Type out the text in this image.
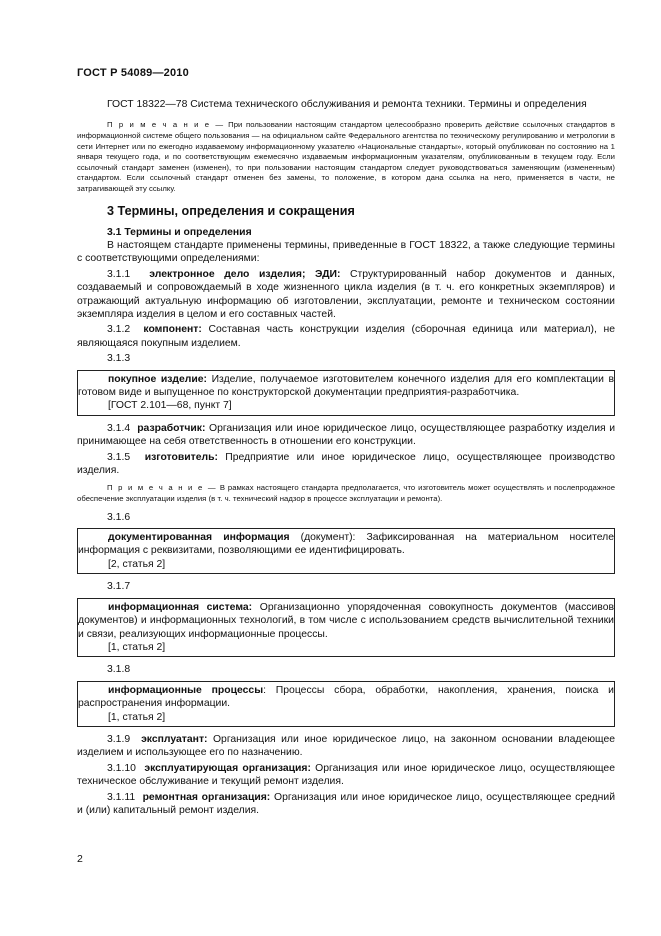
ГОСТ Р 54089—2010

ГОСТ 18322—78 Система технического обслуживания и ремонта техники. Термины и определения

П р и м е ч а н и е — При пользовании настоящим стандартом целесообразно проверить действие ссылочных стандартов в информационной системе общего пользования — на официальном сайте Федерального агентства по техническому регулированию и метрологии в сети Интернет или по ежегодно издаваемому информационному указателю «Национальные стандарты», который опубликован по состоянию на 1 января текущего года, и по соответствующим ежемесячно издаваемым информационным указателям, опубликованным в текущем году. Если ссылочный стандарт заменен (изменен), то при пользовании настоящим стандартом следует руководствоваться заменяющим (измененным) стандартом. Если ссылочный стандарт отменен без замены, то положение, в котором дана ссылка на него, применяется в части, не затрагивающей эту ссылку.

3 Термины, определения и сокращения

3.1 Термины и определения

В настоящем стандарте применены термины, приведенные в ГОСТ 18322, а также следующие термины с соответствующими определениями:

3.1.1 электронное дело изделия; ЭДИ: Структурированный набор документов и данных, создаваемый и сопровождаемый в ходе жизненного цикла изделия (в т. ч. его конкретных экземпляров) и отражающий актуальную информацию об изготовлении, эксплуатации, ремонте и техническом состоянии экземпляра изделия в целом и его составных частей.

3.1.2 компонент: Составная часть конструкции изделия (сборочная единица или материал), не являющаяся покупным изделием.

3.1.3

покупное изделие: Изделие, получаемое изготовителем конечного изделия для его комплектации в готовом виде и выпущенное по конструкторской документации предприятия-разработчика.

[ГОСТ 2.101—68, пункт 7]

3.1.4 разработчик: Организация или иное юридическое лицо, осуществляющее разработку изделия и принимающее на себя ответственность в отношении его конструкции.

3.1.5 изготовитель: Предприятие или иное юридическое лицо, осуществляющее производство изделия.

П р и м е ч а н и е — В рамках настоящего стандарта предполагается, что изготовитель может осуществлять и послепродажное обеспечение эксплуатации изделия (в т. ч. технический надзор в процессе эксплуатации и ремонта).

3.1.6

документированная информация (документ): Зафиксированная на материальном носителе информация с реквизитами, позволяющими ее идентифицировать.

[2, статья 2]

3.1.7

информационная система: Организационно упорядоченная совокупность документов (массивов документов) и информационных технологий, в том числе с использованием средств вычислительной техники и связи, реализующих информационные процессы.

[1, статья 2]

3.1.8

информационные процессы: Процессы сбора, обработки, накопления, хранения, поиска и распространения информации.

[1, статья 2]

3.1.9 эксплуатант: Организация или иное юридическое лицо, на законном основании владеющее изделием и использующее его по назначению.

3.1.10 эксплуатирующая организация: Организация или иное юридическое лицо, осуществляющее техническое обслуживание и текущий ремонт изделия.

3.1.11 ремонтная организация: Организация или иное юридическое лицо, осуществляющее средний и (или) капитальный ремонт изделия.

2
